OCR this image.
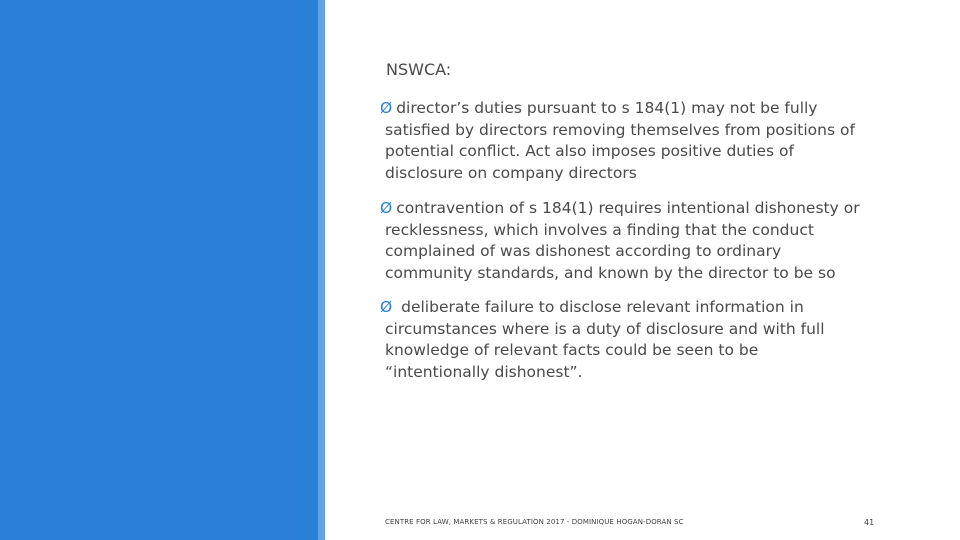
NSWCA:
Ø director’s duties pursuant to s 184(1) may not be fully
satisfied by directors removing themselves from positions of
potential conflict. Act also imposes positive duties of
disclosure on company directors
Ø contravention of s 184(1) requires intentional dishonesty or
recklessness, which involves a finding that the conduct
complained of was dishonest according to ordinary
community standards, and known by the director to be so
Ø deliberate failure to disclose relevant information in
circumstances where is a duty of disclosure and with full
knowledge of relevant facts could be seen to be
“intentionally dishonest”.
CENTRE FOR LAW, MARKETS & REGULATION 2017 - DOMINIQUE HOGAN-DORAN SC	41
